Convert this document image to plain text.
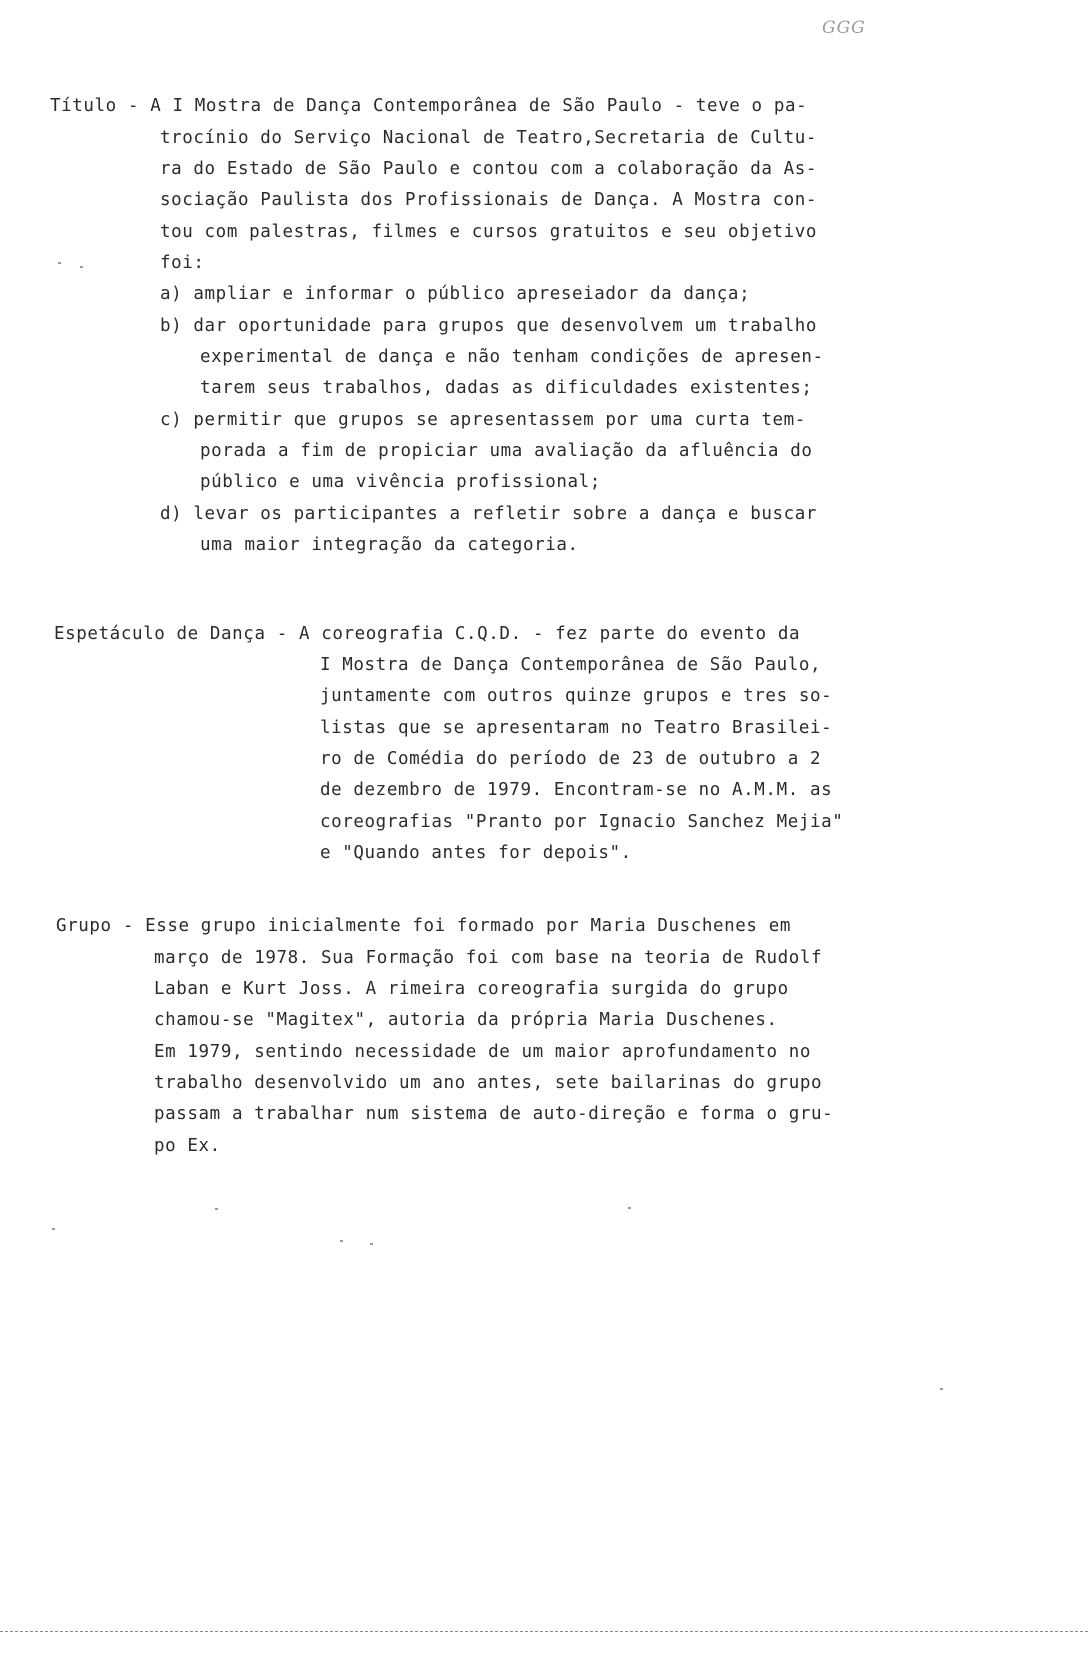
GGG
Título - A I Mostra de Dança Contemporânea de São Paulo - teve o pa-
trocínio do Serviço Nacional de Teatro,Secretaria de Cultu-
ra do Estado de São Paulo e contou com a colaboração da As-
sociação Paulista dos Profissionais de Dança. A Mostra con-
tou com palestras, filmes e cursos gratuitos e seu objetivo
foi:
a) ampliar e informar o público apreseiador da dança;
b) dar oportunidade para grupos que desenvolvem um trabalho
experimental de dança e não tenham condições de apresen-
tarem seus trabalhos, dadas as dificuldades existentes;
c) permitir que grupos se apresentassem por uma curta tem-
porada a fim de propiciar uma avaliação da afluência do
público e uma vivência profissional;
d) levar os participantes a refletir sobre a dança e buscar
uma maior integração da categoria.
Espetáculo de Dança - A coreografia C.Q.D. - fez parte do evento da
I Mostra de Dança Contemporânea de São Paulo,
juntamente com outros quinze grupos e tres so-
listas que se apresentaram no Teatro Brasilei-
ro de Comédia do período de 23 de outubro a 2
de dezembro de 1979. Encontram-se no A.M.M. as
coreografias "Pranto por Ignacio Sanchez Mejia"
e "Quando antes for depois".
Grupo - Esse grupo inicialmente foi formado por Maria Duschenes em
março de 1978. Sua Formação foi com base na teoria de Rudolf
Laban e Kurt Joss. A rimeira coreografia surgida do grupo
chamou-se "Magitex", autoria da própria Maria Duschenes.
Em 1979, sentindo necessidade de um maior aprofundamento no
trabalho desenvolvido um ano antes, sete bailarinas do grupo
passam a trabalhar num sistema de auto-direção e forma o gru-
po Ex.
